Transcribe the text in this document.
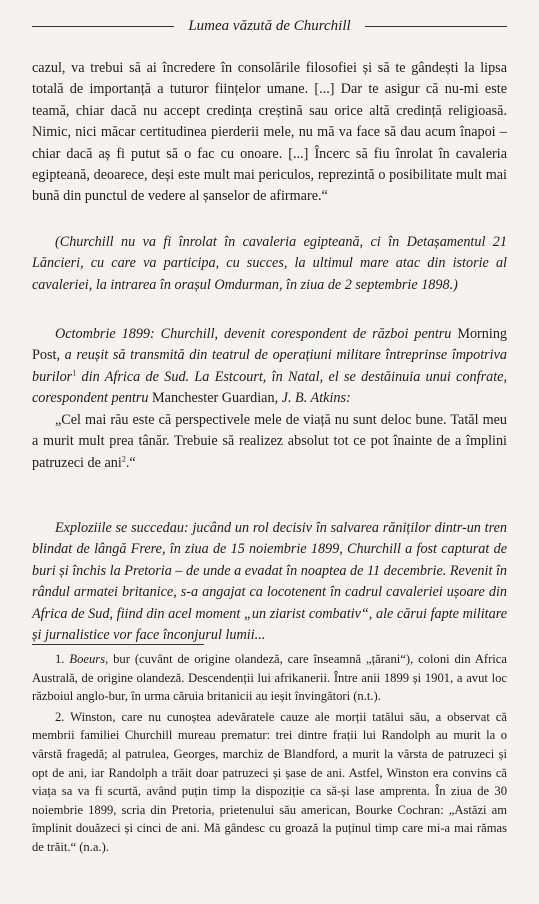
Lumea văzută de Churchill
cazul, va trebui să ai încredere în consolările filosofiei și să te gândești la lipsa totală de importanță a tuturor ființelor umane. [...] Dar te asigur că nu-mi este teamă, chiar dacă nu accept credința creștină sau orice altă credință religioasă. Nimic, nici măcar certitudinea pierderii mele, nu mă va face să dau acum înapoi – chiar dacă aș fi putut să o fac cu onoare. [...] Încerc să fiu înrolat în cavaleria egipteană, deoarece, deși este mult mai periculos, reprezintă o posibilitate mult mai bună din punctul de vedere al șanselor de afirmare.“
(Churchill nu va fi înrolat în cavaleria egipteană, ci în Detașamentul 21 Lăncieri, cu care va participa, cu succes, la ultimul mare atac din istorie al cavaleriei, la intrarea în orașul Omdurman, în ziua de 2 septembrie 1898.)
Octombrie 1899: Churchill, devenit corespondent de război pentru Morning Post, a reușit să transmită din teatrul de operațiuni militare întreprinse împotriva burilor$^1$ din Africa de Sud. La Estcourt, în Natal, el se destăinuia unui confrate, corespondent pentru Manchester Guardian, J. B. Atkins:
„Cel mai rău este că perspectivele mele de viață nu sunt deloc bune. Tatăl meu a murit mult prea tânăr. Trebuie să realizez absolut tot ce pot înainte de a împlini patruzeci de ani$^2$.“
Exploziile se succedau: jucând un rol decisiv în salvarea răniților dintr-un tren blindat de lângă Frere, în ziua de 15 noiembrie 1899, Churchill a fost capturat de buri și închis la Pretoria – de unde a evadat în noaptea de 11 decembrie. Revenit în rândul armatei britanice, s-a angajat ca locotenent în cadrul cavaleriei ușoare din Africa de Sud, fiind din acel moment „un ziarist combativ“, ale cărui fapte militare și jurnalistice vor face înconjurul lumii...

1. Boeurs, bur (cuvânt de origine olandeză, care înseamnă „țărani“), coloni din Africa Australă, de origine olandeză. Descendenții lui afrikanerii. Între anii 1899 și 1901, a avut loc războiul anglo-bur, în urma căruia britanicii au ieșit învingători (n.t.).

2. Winston, care nu cunoștea adevăratele cauze ale morții tatălui său, a observat că membrii familiei Churchill mureau prematur: trei dintre frații lui Randolph au murit la o vârstă fragedă; al patrulea, Georges, marchiz de Blandford, a murit la vârsta de patruzeci și opt de ani, iar Randolph a trăit doar patruzeci și șase de ani. Astfel, Winston era convins că viața sa va fi scurtă, având puțin timp la dispoziție ca să-și lase amprenta. În ziua de 30 noiembrie 1899, scria din Pretoria, prietenului său american, Bourke Cochran: „Astăzi am împlinit douăzeci și cinci de ani. Mă gândesc cu groază la puținul timp care mi-a mai rămas de trăit.“ (n.a.).
